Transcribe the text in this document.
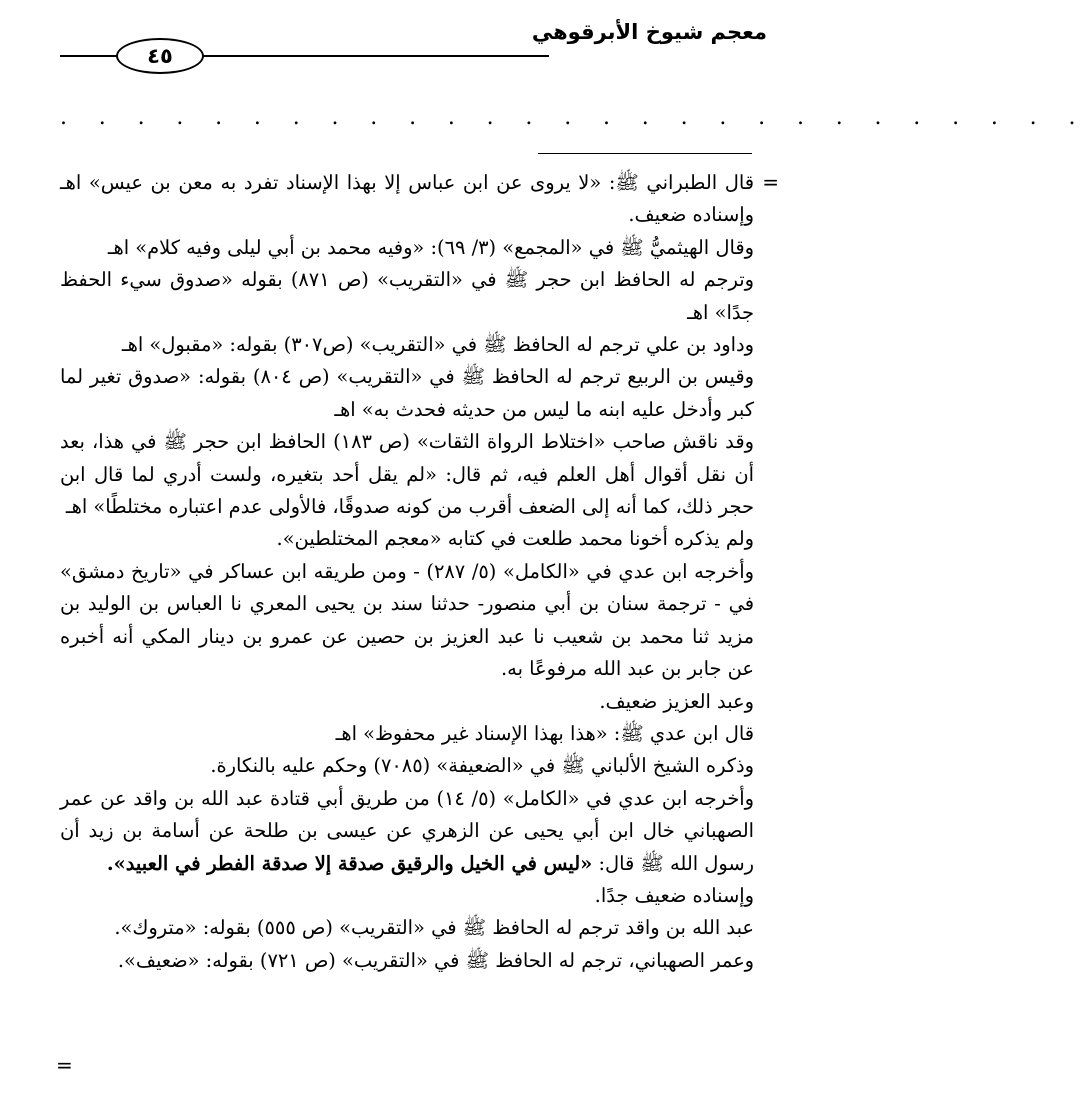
معجم شيوخ الأبرقوهي
٤٥
. . . . . . . . . . . . . . . . . . . . . . . . . . .
=

قال الطبراني ﷺ: «لا يروى عن ابن عباس إلا بهذا الإسناد تفرد به معن بن عيس» اهـ وإسناده ضعيف.

وقال الهيثميُّ ﷺ في «المجمع» (٣/ ٦٩): «وفيه محمد بن أبي ليلى وفيه كلام» اهـ

وترجم له الحافظ ابن حجر ﷺ في «التقريب» (ص ٨٧١) بقوله «صدوق سيء الحفظ جدًا» اهـ

وداود بن علي ترجم له الحافظ ﷺ في «التقريب» (ص٣٠٧) بقوله: «مقبول» اهـ

وقيس بن الربيع ترجم له الحافظ ﷺ في «التقريب» (ص ٨٠٤) بقوله: «صدوق تغير لما كبر وأدخل عليه ابنه ما ليس من حديثه فحدث به» اهـ

وقد ناقش صاحب «اختلاط الرواة الثقات» (ص ١٨٣) الحافظ ابن حجر ﷺ في هذا، بعد أن نقل أقوال أهل العلم فيه، ثم قال: «لم يقل أحد بتغيره، ولست أدري لما قال ابن حجر ذلك، كما أنه إلى الضعف أقرب من كونه صدوقًا، فالأولى عدم اعتباره مختلطًا» اهـ

ولم يذكره أخونا محمد طلعت في كتابه «معجم المختلطين».

وأخرجه ابن عدي في «الكامل» (٥/ ٢٨٧) - ومن طريقه ابن عساكر في «تاريخ دمشق» في - ترجمة سنان بن أبي منصور- حدثنا سند بن يحيى المعري نا العباس بن الوليد بن مزيد ثنا محمد بن شعيب نا عبد العزيز بن حصين عن عمرو بن دينار المكي أنه أخبره عن جابر بن عبد الله مرفوعًا به.

وعبد العزيز ضعيف.

قال ابن عدي ﷺ: «هذا بهذا الإسناد غير محفوظ» اهـ

وذكره الشيخ الألباني ﷺ في «الضعيفة» (٧٠٨٥) وحكم عليه بالنكارة.

وأخرجه ابن عدي في «الكامل» (٥/ ١٤) من طريق أبي قتادة عبد الله بن واقد عن عمر الصهباني خال ابن أبي يحيى عن الزهري عن عيسى بن طلحة عن أسامة بن زيد أن رسول الله ﷺ قال: «ليس في الخيل والرقيق صدقة إلا صدقة الفطر في العبيد».

وإسناده ضعيف جدًا.

عبد الله بن واقد ترجم له الحافظ ﷺ في «التقريب» (ص ٥٥٥) بقوله: «متروك».

وعمر الصهباني، ترجم له الحافظ ﷺ في «التقريب» (ص ٧٢١) بقوله: «ضعيف».

=
